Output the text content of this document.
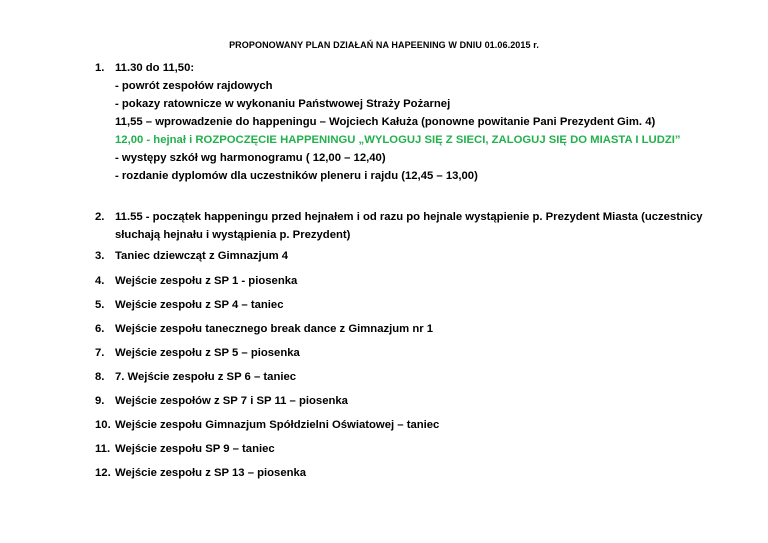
PROPONOWANY PLAN DZIAŁAŃ NA HAPEENING W DNIU 01.06.2015 r.
1. 11.30 do 11,50:
- powrót zespołów rajdowych
- pokazy ratownicze w wykonaniu Państwowej Straży Pożarnej
11,55 – wprowadzenie do happeningu – Wojciech Kałuża (ponowne powitanie Pani Prezydent Gim. 4)
12,00 - hejnał i ROZPOCZĘCIE HAPPENINGU „WYLOGUJ SIĘ Z SIECI, ZALOGUJ SIĘ DO MIASTA I LUDZI”
- występy szkół wg harmonogramu ( 12,00 – 12,40)
- rozdanie dyplomów dla uczestników pleneru i rajdu (12,45 – 13,00)
2. 11.55 - początek happeningu przed hejnałem i od razu po hejnale wystąpienie p. Prezydent Miasta (uczestnicy
słuchają hejnału i wystąpienia p. Prezydent)
3. Taniec dziewcząt z Gimnazjum 4
4. Wejście zespołu z SP 1 - piosenka
5. Wejście zespołu z SP 4 – taniec
6. Wejście zespołu tanecznego break dance z Gimnazjum nr 1
7. Wejście zespołu z SP 5 – piosenka
8. 7. Wejście zespołu z SP 6 – taniec
9. Wejście zespołów z SP 7 i SP 11 – piosenka
10. Wejście zespołu Gimnazjum Spółdzielni Oświatowej – taniec
11. Wejście zespołu SP 9 – taniec
12. Wejście zespołu z SP 13 – piosenka
